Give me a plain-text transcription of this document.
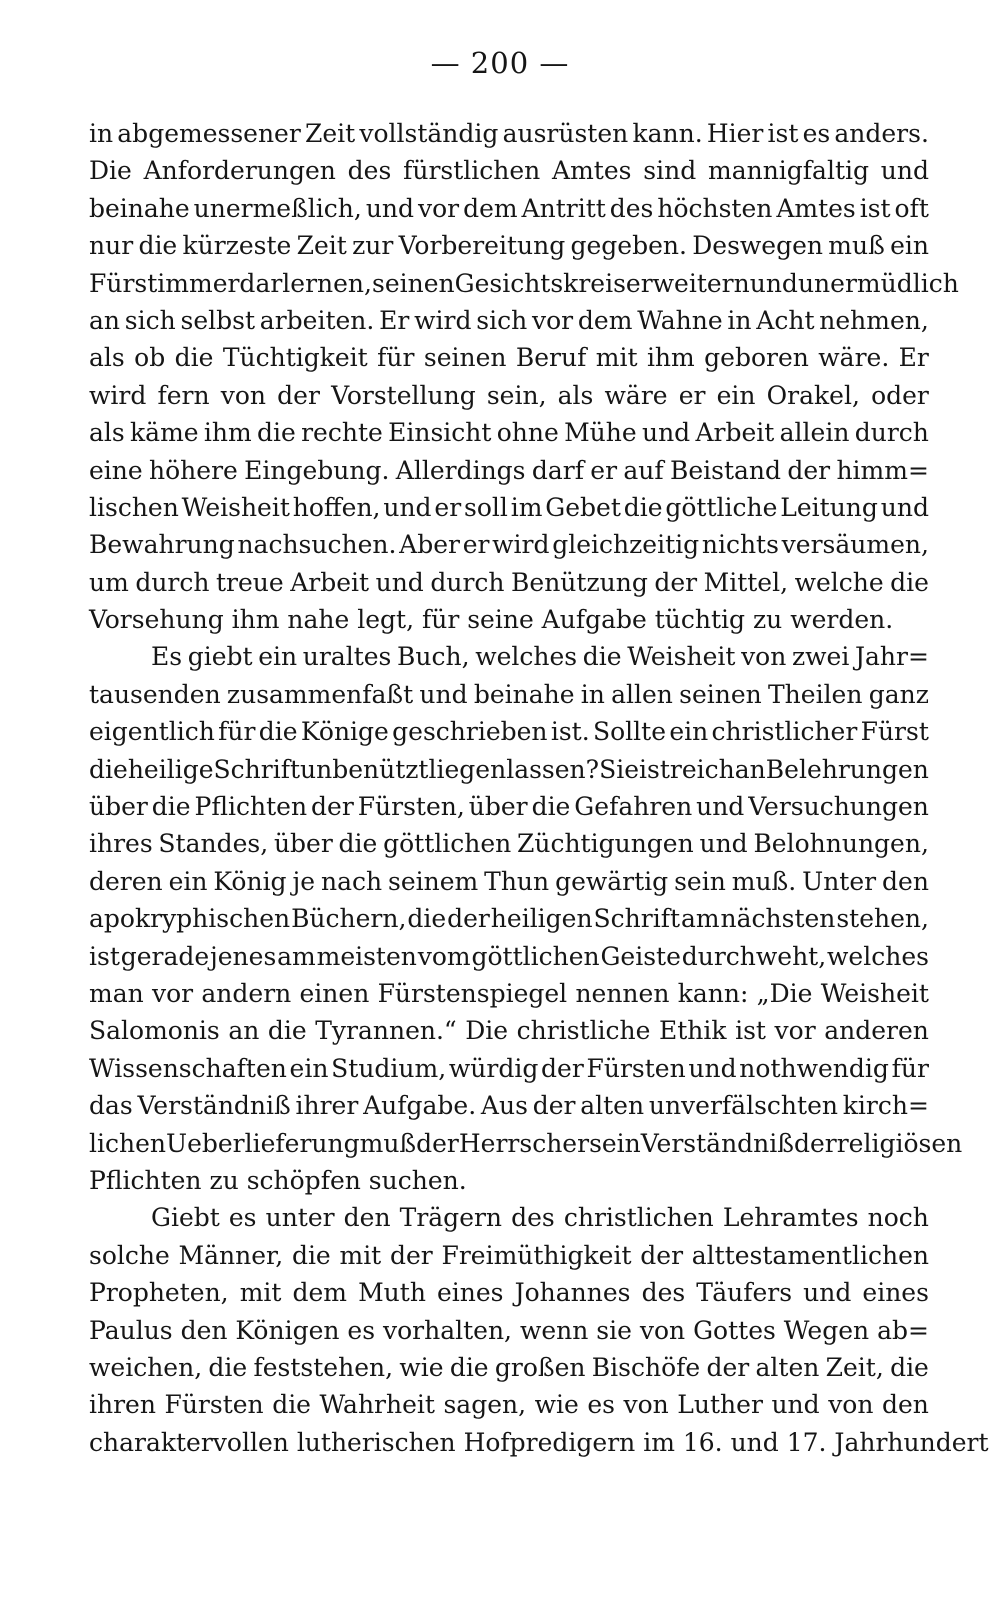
— 200 —
in abgemessener Zeit vollständig ausrüsten kann. Hier ist es anders.
Die Anforderungen des fürstlichen Amtes sind mannigfaltig und
beinahe unermeßlich, und vor dem Antritt des höchsten Amtes ist oft
nur die kürzeste Zeit zur Vorbereitung gegeben. Deswegen muß ein
Fürst immerdar lernen, seinen Gesichtskreis erweitern und unermüdlich
an sich selbst arbeiten. Er wird sich vor dem Wahne in Acht nehmen,
als ob die Tüchtigkeit für seinen Beruf mit ihm geboren wäre. Er
wird fern von der Vorstellung sein, als wäre er ein Orakel, oder
als käme ihm die rechte Einsicht ohne Mühe und Arbeit allein durch
eine höhere Eingebung. Allerdings darf er auf Beistand der himm=
lischen Weisheit hoffen, und er soll im Gebet die göttliche Leitung und
Bewahrung nachsuchen. Aber er wird gleichzeitig nichts versäumen,
um durch treue Arbeit und durch Benützung der Mittel, welche die
Vorsehung ihm nahe legt, für seine Aufgabe tüchtig zu werden.
Es giebt ein uraltes Buch, welches die Weisheit von zwei Jahr=
tausenden zusammenfaßt und beinahe in allen seinen Theilen ganz
eigentlich für die Könige geschrieben ist. Sollte ein christlicher Fürst
die heilige Schrift unbenützt liegen lassen? Sie ist reich an Belehrungen
über die Pflichten der Fürsten, über die Gefahren und Versuchungen
ihres Standes, über die göttlichen Züchtigungen und Belohnungen,
deren ein König je nach seinem Thun gewärtig sein muß. Unter den
apokryphischen Büchern, die der heiligen Schrift am nächsten stehen,
ist gerade jenes am meisten vom göttlichen Geiste durchweht, welches
man vor andern einen Fürstenspiegel nennen kann: „Die Weisheit
Salomonis an die Tyrannen.“ Die christliche Ethik ist vor anderen
Wissenschaften ein Studium, würdig der Fürsten und nothwendig für
das Verständniß ihrer Aufgabe. Aus der alten unverfälschten kirch=
lichen Ueberlieferung muß der Herrscher sein Verständniß der religiösen
Pflichten zu schöpfen suchen.
Giebt es unter den Trägern des christlichen Lehramtes noch
solche Männer, die mit der Freimüthigkeit der alttestamentlichen
Propheten, mit dem Muth eines Johannes des Täufers und eines
Paulus den Königen es vorhalten, wenn sie von Gottes Wegen ab=
weichen, die feststehen, wie die großen Bischöfe der alten Zeit, die
ihren Fürsten die Wahrheit sagen, wie es von Luther und von den
charaktervollen lutherischen Hofpredigern im 16. und 17. Jahrhundert
